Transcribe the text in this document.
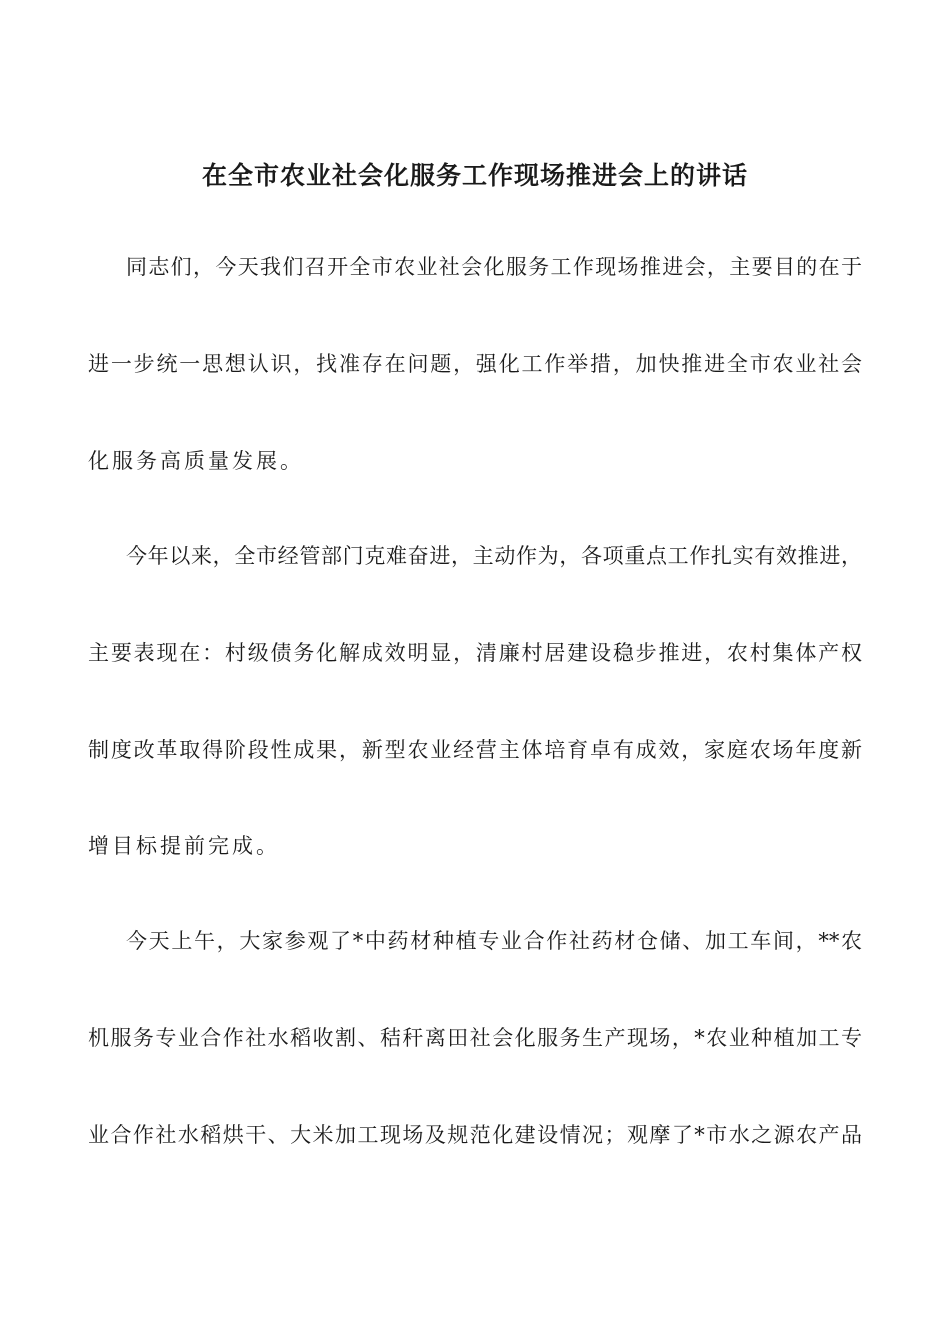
在全市农业社会化服务工作现场推进会上的讲话

同志们，今天我们召开全市农业社会化服务工作现场推进会，主要目的在于

进一步统一思想认识，找准存在问题，强化工作举措，加快推进全市农业社会

化服务高质量发展。

今年以来，全市经管部门克难奋进，主动作为，各项重点工作扎实有效推进，

主要表现在：村级债务化解成效明显，清廉村居建设稳步推进，农村集体产权

制度改革取得阶段性成果，新型农业经营主体培育卓有成效，家庭农场年度新

增目标提前完成。

今天上午，大家参观了*中药材种植专业合作社药材仓储、加工车间，**农

机服务专业合作社水稻收割、秸秆离田社会化服务生产现场，*农业种植加工专

业合作社水稻烘干、大米加工现场及规范化建设情况；观摩了*市水之源农产品
